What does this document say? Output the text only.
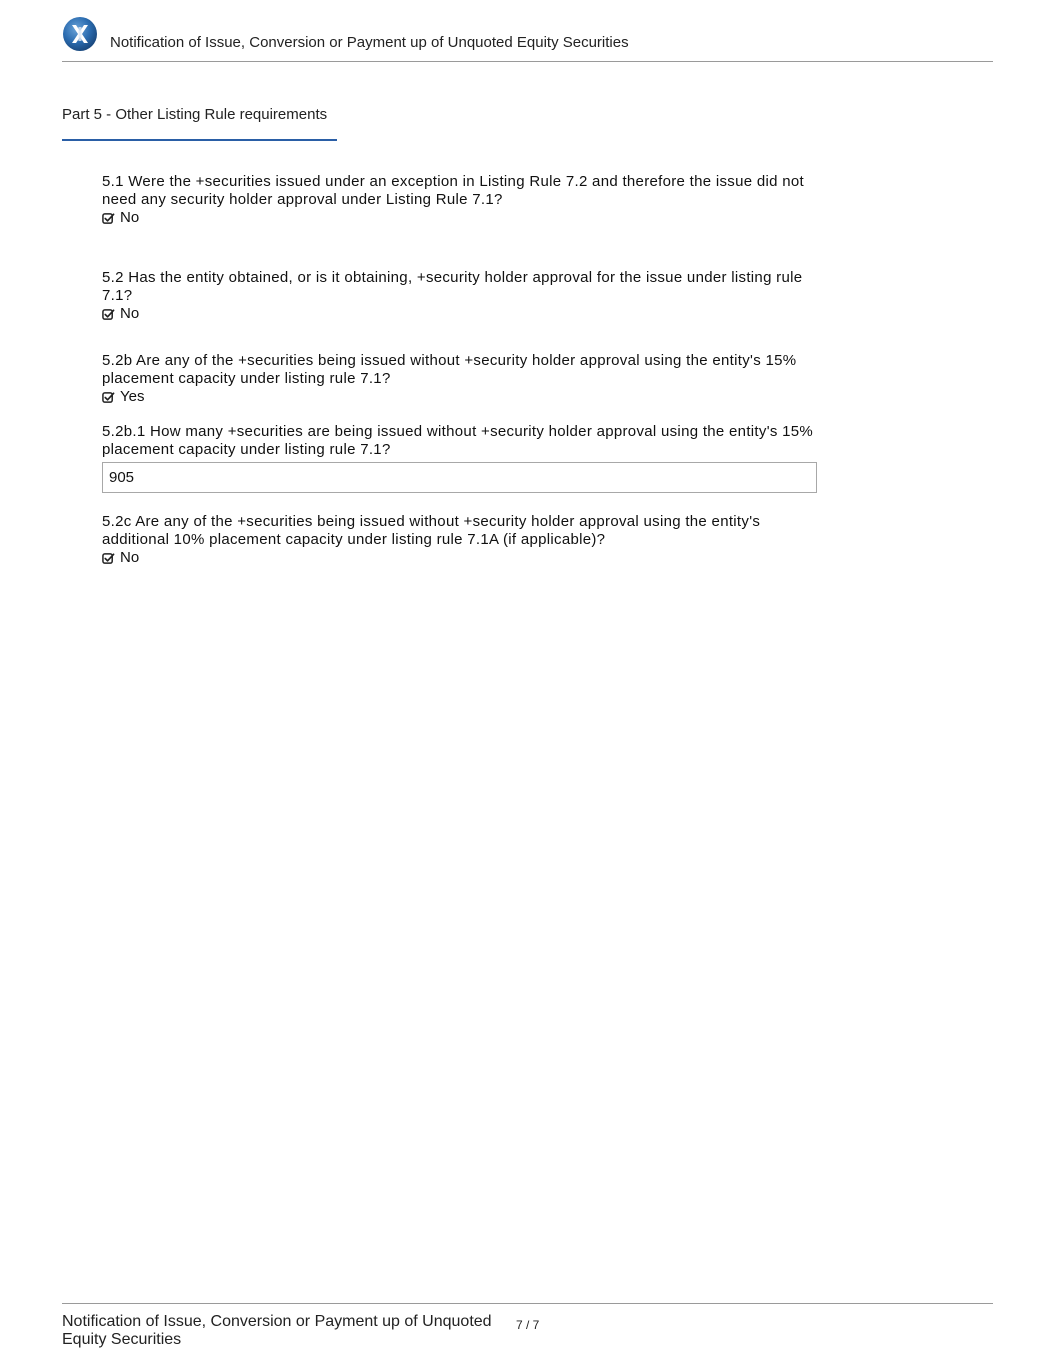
Notification of Issue, Conversion or Payment up of Unquoted Equity Securities
Part 5 - Other Listing Rule requirements
5.1 Were the +securities issued under an exception in Listing Rule 7.2 and therefore the issue did not need any security holder approval under Listing Rule 7.1?
No
5.2 Has the entity obtained, or is it obtaining, +security holder approval for the issue under listing rule 7.1?
No
5.2b Are any of the +securities being issued without +security holder approval using the entity's 15% placement capacity under listing rule 7.1?
Yes
5.2b.1 How many +securities are being issued without +security holder approval using the entity's 15% placement capacity under listing rule 7.1?
905
5.2c Are any of the +securities being issued without +security holder approval using the entity's additional 10% placement capacity under listing rule 7.1A (if applicable)?
No
Notification of Issue, Conversion or Payment up of Unquoted Equity Securities
7 / 7
